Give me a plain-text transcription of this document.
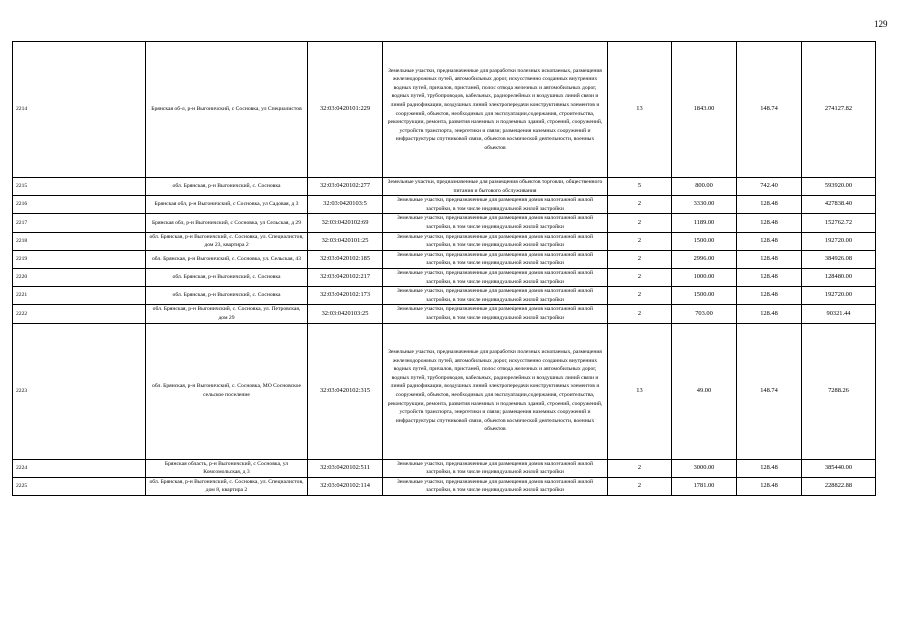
129
2214	Брянская об-л, р-н Выгоничский, с Сосновка, ул Специалистов	32:03:0420101:229	Земельные участки, предназначенные для разработки полезных ископаемых, размещения железнодорожных путей, автомобильных дорог, искусственно созданных внутренних водных путей, причалов, пристаней, полос отвода железных и автомобильных дорог, водных путей, трубопроводов, кабельных, радиорелейных и воздушных линий связи и линий радиофикации, воздушных линий электропередачи конструктивных элементов и сооружений, объектов, необходимых для эксплуатации,содержания, строительства, реконструкции, ремонта, развития наземных и подземных зданий, строений, сооружений, устройств транспорта, энергетики и связи; размещения наземных сооружений и инфраструктуры спутниковой связи, объектов космической деятельности, военных объектов	13	1843.00	148.74	274127.82
2215	обл. Брянская, р-н Выгоничский, с. Сосновка	32:03:0420102:277	Земельные участки, предназначенные для размещения объектов торговли, общественного питания и бытового обслуживания	5	800.00	742.40	593920.00
2216	Брянская обл, р-н Выгоничский, с Сосновка, ул Садовая, д 3	32:03:0420103:5	Земельные участки, предназначенные для размещения домов малоэтажной жилой застройки, в том числе индивидуальной жилой застройки	2	3330.00	128.48	427838.40
2217	Брянская обл, р-н Выгоничский, с Сосновка, ул Сельская, д 29	32:03:0420102:69	Земельные участки, предназначенные для размещения домов малоэтажной жилой застройки, в том числе индивидуальной жилой застройки	2	1189.00	128.48	152762.72
2218	обл. Брянская, р-н Выгоничский, с. Сосновка, ул. Специалистов, дом 23, квартира 2	32:03:0420101:25	Земельные участки, предназначенные для размещения домов малоэтажной жилой застройки, в том числе индивидуальной жилой застройки	2	1500.00	128.48	192720.00
2219	обл. Брянская, р-н Выгоничский, с. Сосновка, ул. Сельская, 43	32:03:0420102:185	Земельные участки, предназначенные для размещения домов малоэтажной жилой застройки, в том числе индивидуальной жилой застройки	2	2996.00	128.48	384926.08
2220	обл. Брянская, р-н Выгоничский, с. Сосновка	32:03:0420102:217	Земельные участки, предназначенные для размещения домов малоэтажной жилой застройки, в том числе индивидуальной жилой застройки	2	1000.00	128.48	128480.00
2221	обл. Брянская, р-н Выгоничский, с. Сосновка	32:03:0420102:173	Земельные участки, предназначенные для размещения домов малоэтажной жилой застройки, в том числе индивидуальной жилой застройки	2	1500.00	128.48	192720.00
2222	обл. Брянская, р-н Выгоничский, с. Сосновка, ул. Петровская, дом 29	32:03:0420103:25	Земельные участки, предназначенные для размещения домов малоэтажной жилой застройки, в том числе индивидуальной жилой застройки	2	703.00	128.48	90321.44
2223	обл. Брянская, р-н Выгоничский, с. Сосновка, МО Сосновское сельское поселение	32:03:0420102:315	Земельные участки, предназначенные для разработки полезных ископаемых, размещения железнодорожных путей, автомобильных дорог, искусственно созданных внутренних водных путей, причалов, пристаней, полос отвода железных и автомобильных дорог, водных путей, трубопроводов, кабельных, радиорелейных и воздушных линий связи и линий радиофикации, воздушных линий электропередачи конструктивных элементов и сооружений, объектов, необходимых для эксплуатации,содержания, строительства, реконструкции, ремонта, развития наземных и подземных зданий, строений, сооружений, устройств транспорта, энергетики и связи; размещения наземных сооружений и инфраструктуры спутниковой связи, объектов космической деятельности, военных объектов	13	49.00	148.74	7288.26
2224	Брянская область, р-н Выгоничский, с Сосновка, ул Комсомольская, д 3	32:03:0420102:511	Земельные участки, предназначенные для размещения домов малоэтажной жилой застройки, в том числе индивидуальной жилой застройки	2	3000.00	128.48	385440.00
2225	обл. Брянская, р-н Выгоничский, с. Сосновка, ул. Специалистов, дом 8, квартира 2	32:03:0420102:114	Земельные участки, предназначенные для размещения домов малоэтажной жилой застройки, в том числе индивидуальной жилой застройки	2	1781.00	128.48	228822.88
